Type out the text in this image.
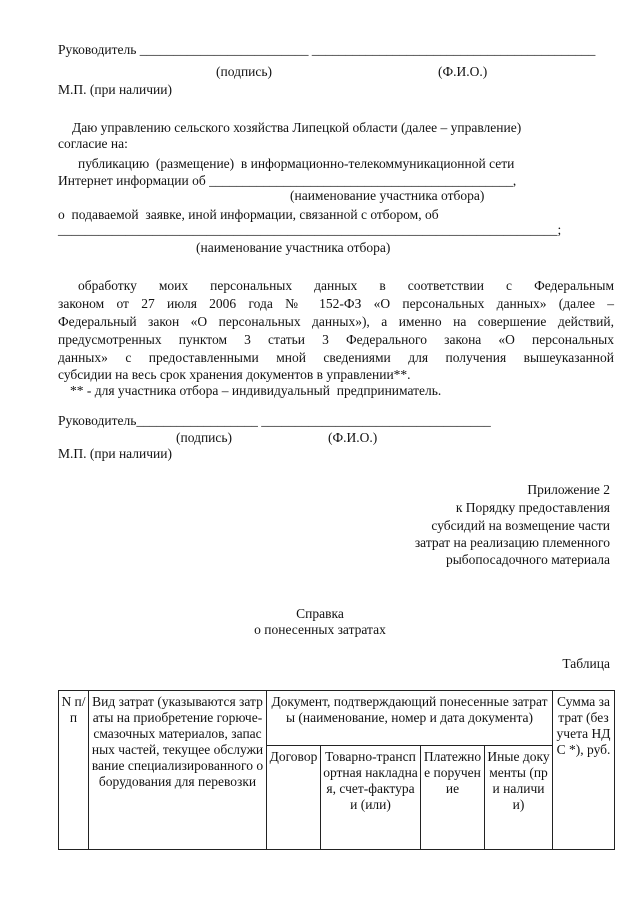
Руководитель _________________________ __________________________________________
(подпись)	(Ф.И.О.)
М.П. (при наличии)
Даю управлению сельского хозяйства Липецкой области (далее – управление)
согласие на:
публикацию  (размещение)  в информационно-телекоммуникационной сети
Интернет информации об _____________________________________________,
(наименование участника отбора)
о  подаваемой  заявке, иной информации, связанной с отбором, об
__________________________________________________________________________;
(наименование участника отбора)
обработку моих персональных данных в соответствии с Федеральным
законом от 27 июля 2006 года № 152-ФЗ «О персональных данных» (далее –
Федеральный закон «О персональных данных»), а именно на совершение действий,
предусмотренных пунктом 3 статьи 3 Федерального закона «О персональных
данных» с предоставленными мной сведениями для получения вышеуказанной
субсидии на весь срок хранения документов в управлении**.
** - для участника отбора – индивидуальный  предприниматель.
Руководитель__________________ __________________________________
(подпись)	(Ф.И.О.)
М.П. (при наличии)
Приложение 2
к Порядку предоставления
субсидий на возмещение части
затрат на реализацию племенного
рыбопосадочного материала
Справка
о понесенных затратах
Таблица
N п/п	Вид затрат (указываются затраты на приобретение горюче-смазочных материалов, запасных частей, текущее обслуживание специализированного оборудования для перевозки	Документ, подтверждающий понесенные затраты (наименование, номер и дата документа)				Сумма затрат (без учета НДС *), руб.
		Договор	Товарно-транспортная накладная, счет-фактура и (или)	Платежное поручение	Иные документы (при наличии)	
